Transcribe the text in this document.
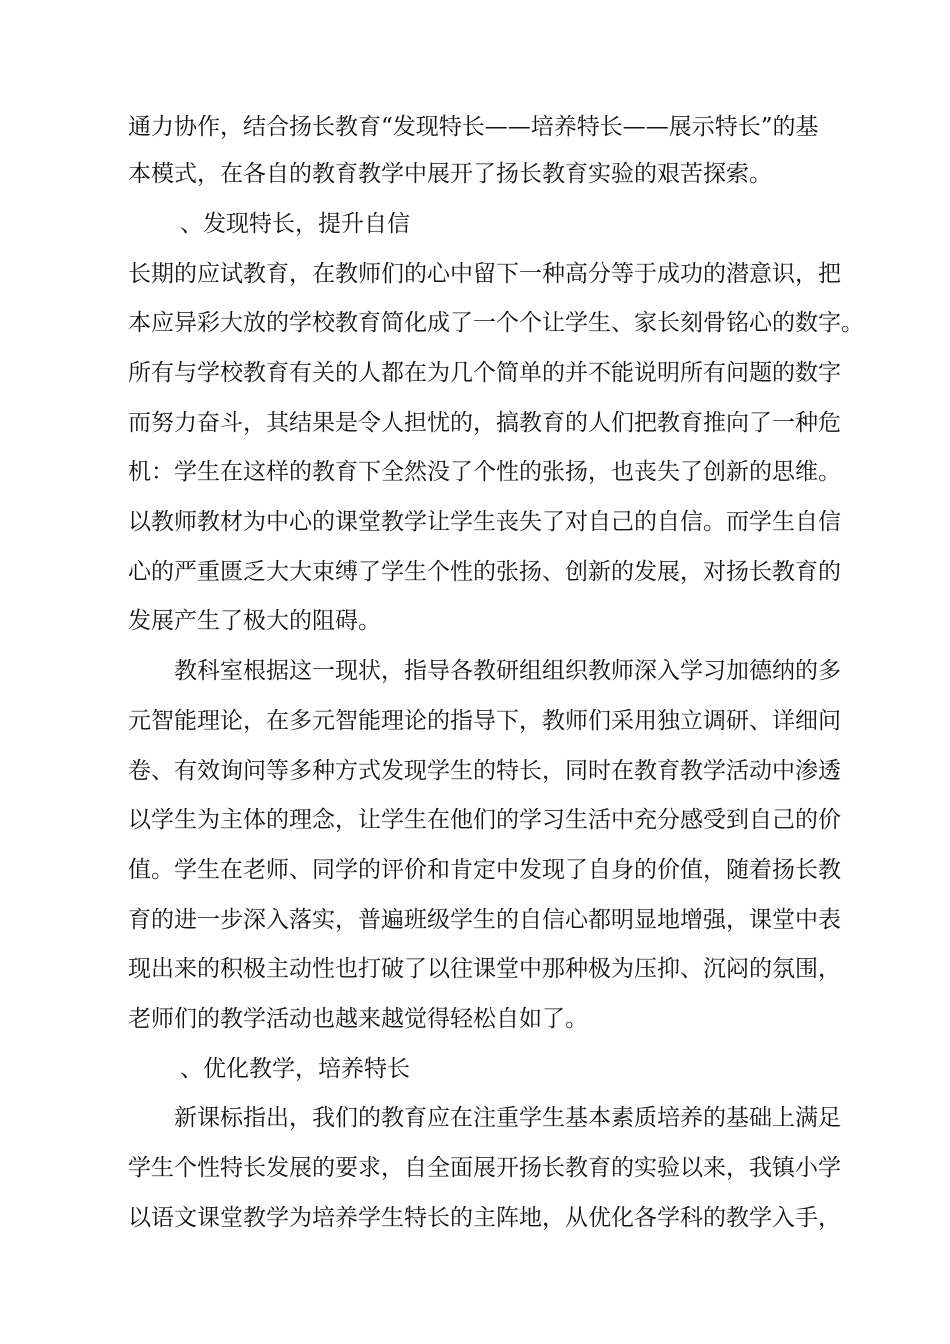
通力协作，结合扬长教育“发现特长——培养特长——展示特长”的基
本模式，在各自的教育教学中展开了扬长教育实验的艰苦探索。
、发现特长，提升自信
长期的应试教育，在教师们的心中留下一种高分等于成功的潜意识，把
本应异彩大放的学校教育简化成了一个个让学生、家长刻骨铭心的数字。
所有与学校教育有关的人都在为几个简单的并不能说明所有问题的数字
而努力奋斗，其结果是令人担忧的，搞教育的人们把教育推向了一种危
机：学生在这样的教育下全然没了个性的张扬，也丧失了创新的思维。
以教师教材为中心的课堂教学让学生丧失了对自己的自信。而学生自信
心的严重匮乏大大束缚了学生个性的张扬、创新的发展，对扬长教育的
发展产生了极大的阻碍。
教科室根据这一现状，指导各教研组组织教师深入学习加德纳的多
元智能理论，在多元智能理论的指导下，教师们采用独立调研、详细问
卷、有效询问等多种方式发现学生的特长，同时在教育教学活动中渗透
以学生为主体的理念，让学生在他们的学习生活中充分感受到自己的价
值。学生在老师、同学的评价和肯定中发现了自身的价值，随着扬长教
育的进一步深入落实，普遍班级学生的自信心都明显地增强，课堂中表
现出来的积极主动性也打破了以往课堂中那种极为压抑、沉闷的氛围，
老师们的教学活动也越来越觉得轻松自如了。
、优化教学，培养特长
新课标指出，我们的教育应在注重学生基本素质培养的基础上满足
学生个性特长发展的要求，自全面展开扬长教育的实验以来，我镇小学
以语文课堂教学为培养学生特长的主阵地，从优化各学科的教学入手，
